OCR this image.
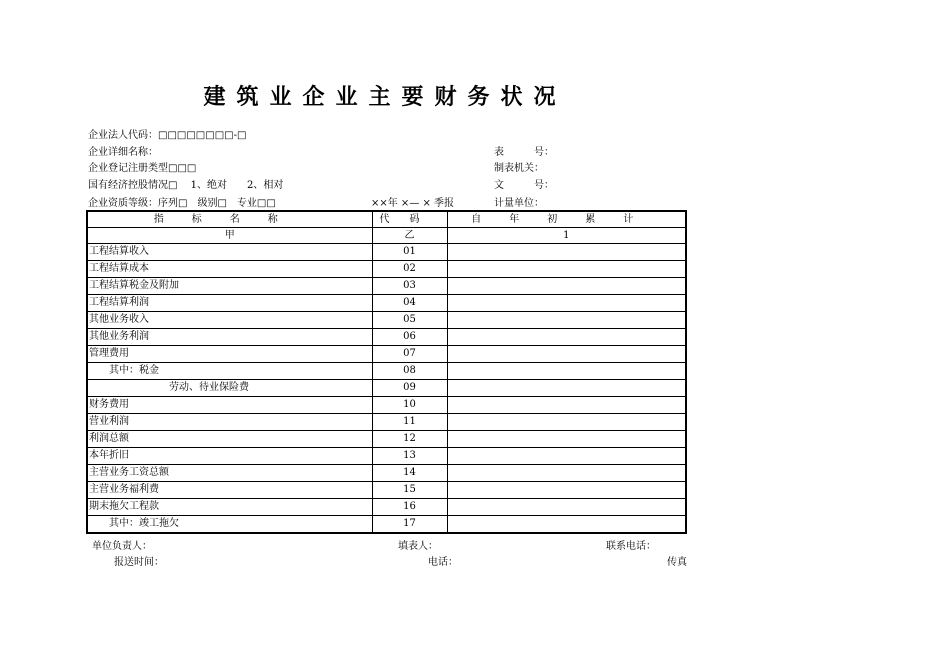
建筑业企业主要财务状况
企业法人代码：□□□□□□□□-□
企业详细名称：
企业登记注册类型□□□
国有经济控股情况□　 1、绝对　　2、相对
企业资质等级：序列□　级别□　专业□□
表　　　号：
制表机关：
文　　　号：
计量单位：
××年 ×— × 季报
指标名称	代码	自年初累计
甲	乙	1
工程结算收入	01	
工程结算成本	02	
工程结算税金及附加	03	
工程结算利润	04	
其他业务收入	05	
其他业务利润	06	
管理费用	07	
其中：税金	08	
劳动、待业保险费	09	
财务费用	10	
营业利润	11	
利润总额	12	
本年折旧	13	
主营业务工资总额	14	
主营业务福利费	15	
期末拖欠工程款	16	
其中：竣工拖欠	17	
单位负责人：	填表人：	联系电话：
报送时间：	电话：	传真
